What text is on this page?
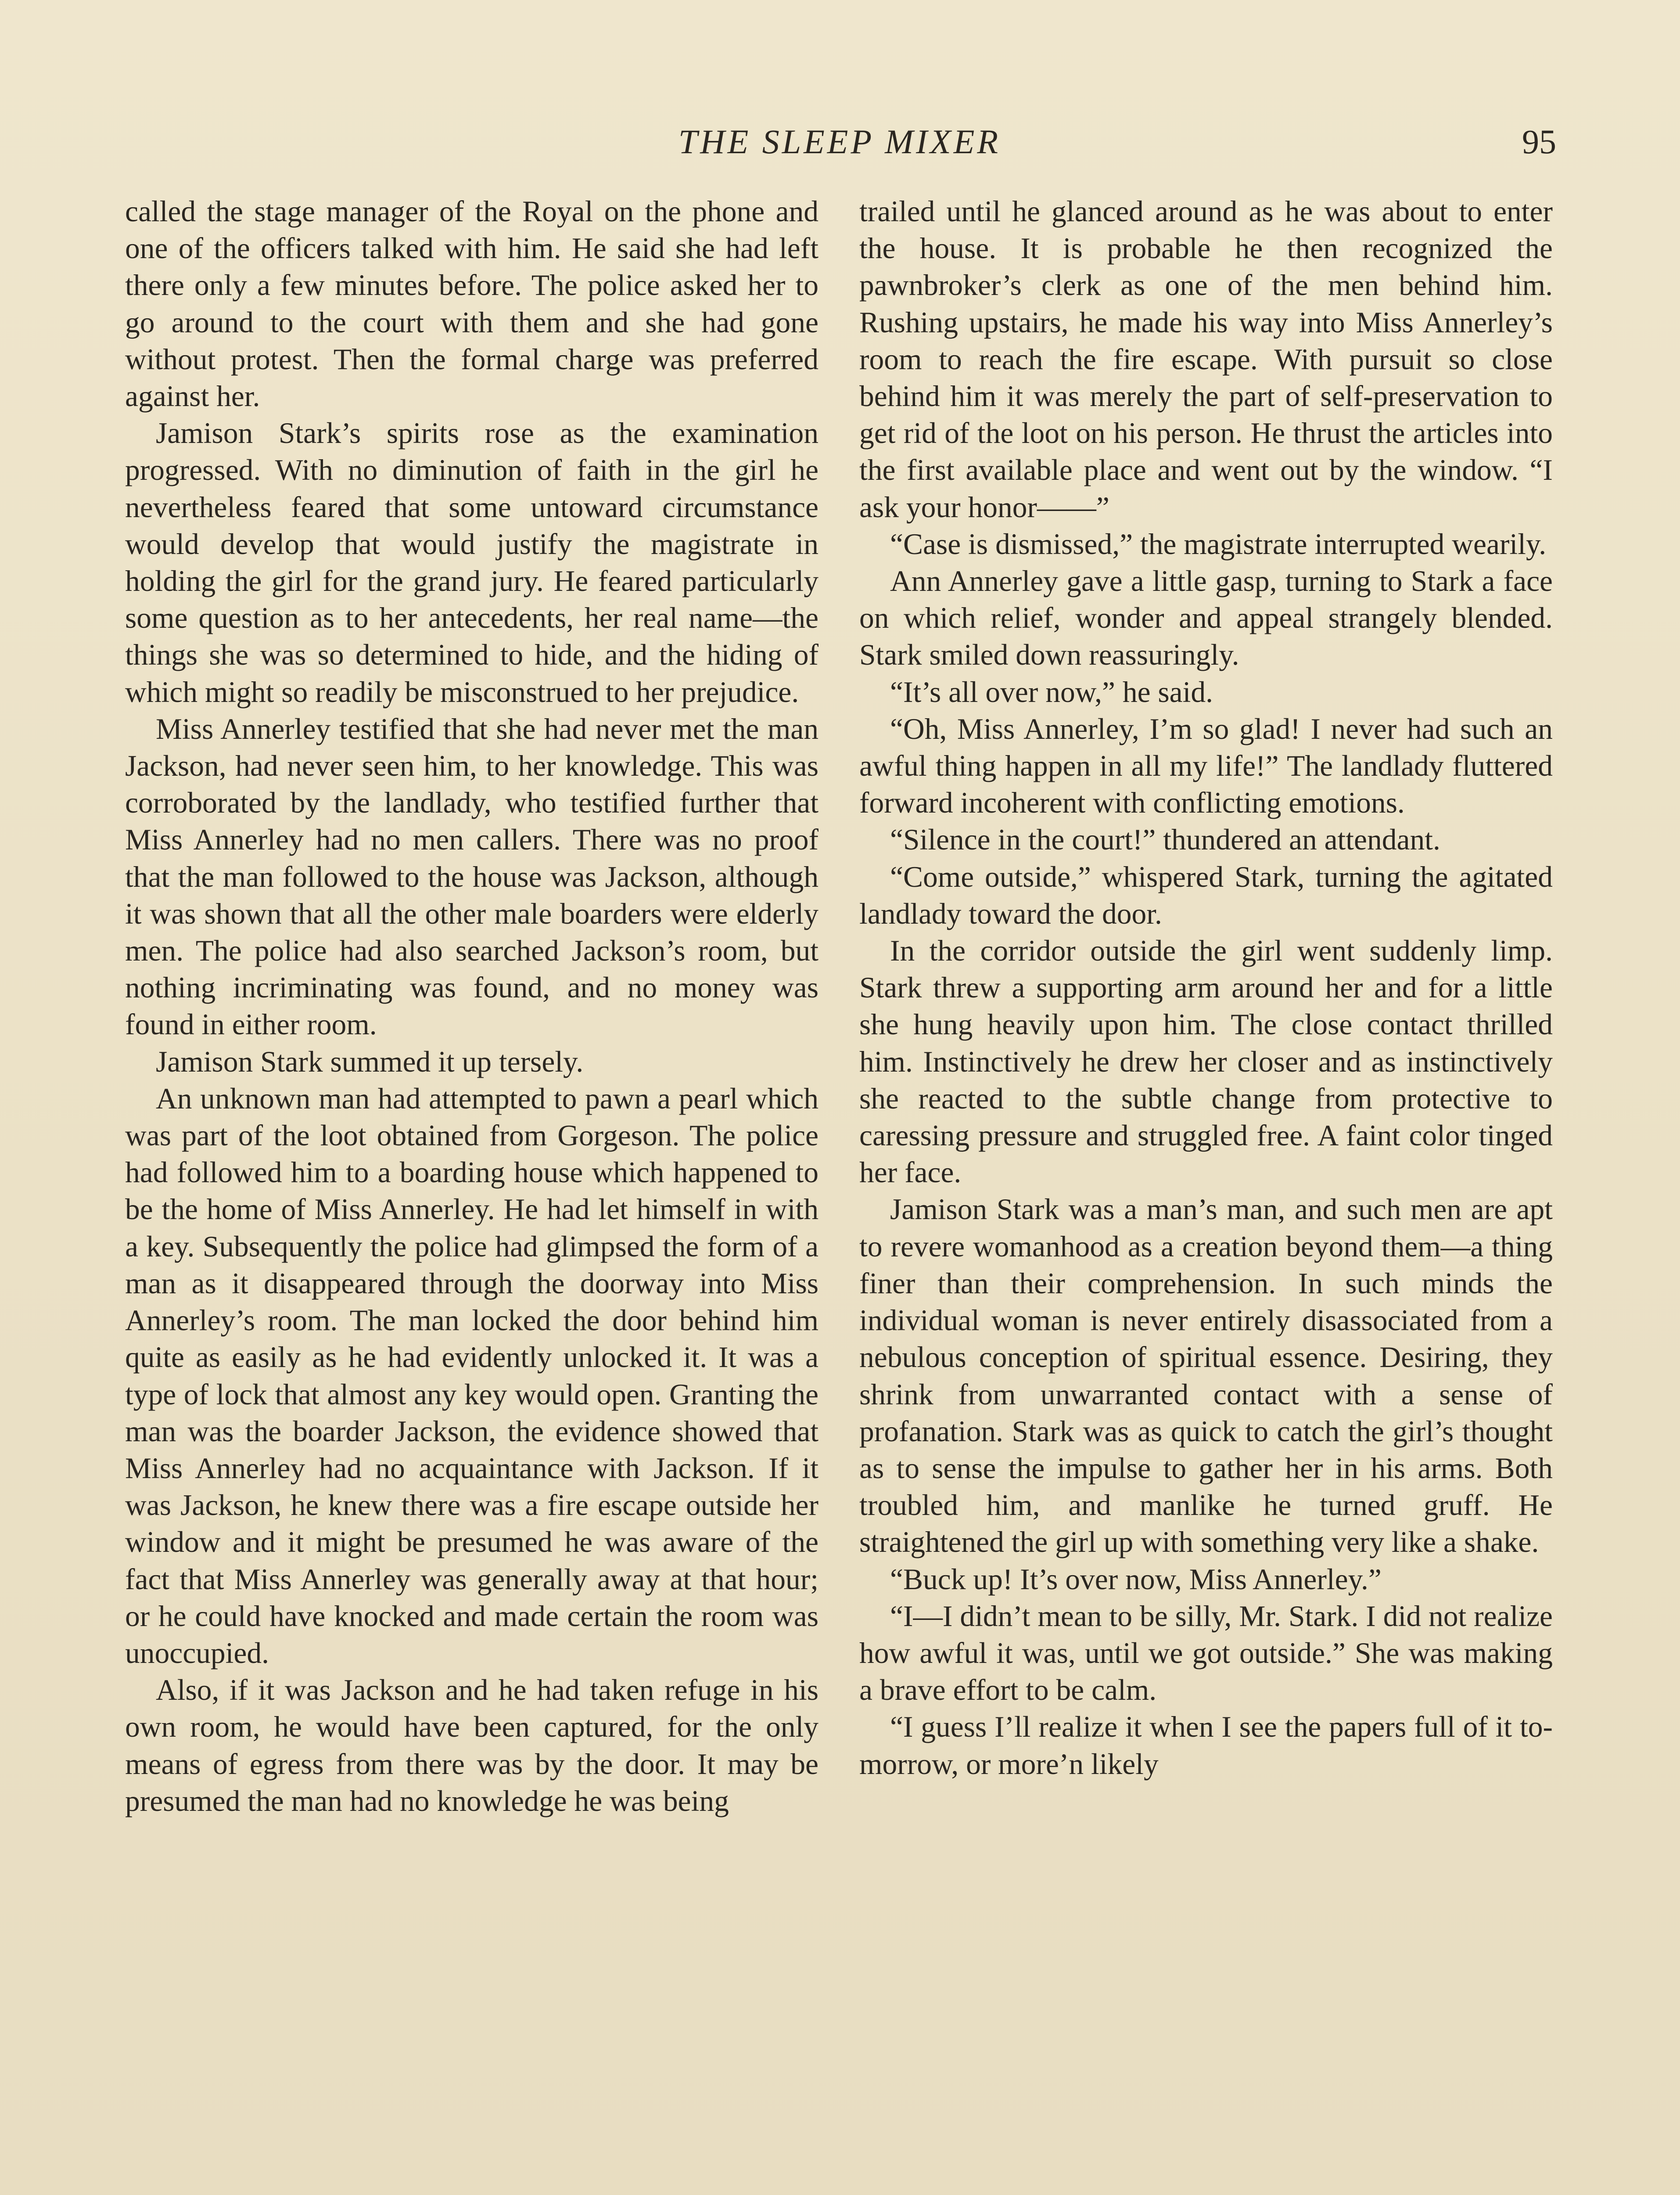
THE SLEEP MIXER	95

called the stage manager of the Royal on the phone and one of the officers talked with him. He said she had left there only a few minutes before. The police asked her to go around to the court with them and she had gone without protest. Then the formal charge was preferred against her.

Jamison Stark’s spirits rose as the examination progressed. With no diminution of faith in the girl he nevertheless feared that some untoward circumstance would develop that would justify the magistrate in holding the girl for the grand jury. He feared particularly some question as to her antecedents, her real name—the things she was so determined to hide, and the hiding of which might so readily be misconstrued to her prejudice.

Miss Annerley testified that she had never met the man Jackson, had never seen him, to her knowledge. This was corroborated by the landlady, who testified further that Miss Annerley had no men callers. There was no proof that the man followed to the house was Jackson, although it was shown that all the other male boarders were elderly men. The police had also searched Jackson’s room, but nothing incriminating was found, and no money was found in either room.

Jamison Stark summed it up tersely.

An unknown man had attempted to pawn a pearl which was part of the loot obtained from Gorgeson. The police had followed him to a boarding house which happened to be the home of Miss Annerley. He had let himself in with a key. Subsequently the police had glimpsed the form of a man as it disappeared through the doorway into Miss Annerley’s room. The man locked the door behind him quite as easily as he had evidently unlocked it. It was a type of lock that almost any key would open. Granting the man was the boarder Jackson, the evidence showed that Miss Annerley had no acquaintance with Jackson. If it was Jackson, he knew there was a fire escape outside her window and it might be presumed he was aware of the fact that Miss Annerley was generally away at that hour; or he could have knocked and made certain the room was unoccupied.

Also, if it was Jackson and he had taken refuge in his own room, he would have been captured, for the only means of egress from there was by the door. It may be presumed the man had no knowledge he was being

trailed until he glanced around as he was about to enter the house. It is probable he then recognized the pawnbroker’s clerk as one of the men behind him. Rushing upstairs, he made his way into Miss Annerley’s room to reach the fire escape. With pursuit so close behind him it was merely the part of self-preservation to get rid of the loot on his person. He thrust the articles into the first available place and went out by the window. “I ask your honor——”

“Case is dismissed,” the magistrate interrupted wearily.

Ann Annerley gave a little gasp, turning to Stark a face on which relief, wonder and appeal strangely blended. Stark smiled down reassuringly.

“It’s all over now,” he said.

“Oh, Miss Annerley, I’m so glad! I never had such an awful thing happen in all my life!” The landlady fluttered forward incoherent with conflicting emotions.

“Silence in the court!” thundered an attendant.

“Come outside,” whispered Stark, turning the agitated landlady toward the door.

In the corridor outside the girl went suddenly limp. Stark threw a supporting arm around her and for a little she hung heavily upon him. The close contact thrilled him. Instinctively he drew her closer and as instinctively she reacted to the subtle change from protective to caressing pressure and struggled free. A faint color tinged her face.

Jamison Stark was a man’s man, and such men are apt to revere womanhood as a creation beyond them—a thing finer than their comprehension. In such minds the individual woman is never entirely disassociated from a nebulous conception of spiritual essence. Desiring, they shrink from unwarranted contact with a sense of profanation. Stark was as quick to catch the girl’s thought as to sense the impulse to gather her in his arms. Both troubled him, and manlike he turned gruff. He straightened the girl up with something very like a shake.

“Buck up! It’s over now, Miss Annerley.”

“I—I didn’t mean to be silly, Mr. Stark. I did not realize how awful it was, until we got outside.” She was making a brave effort to be calm.

“I guess I’ll realize it when I see the papers full of it to-morrow, or more’n likely
